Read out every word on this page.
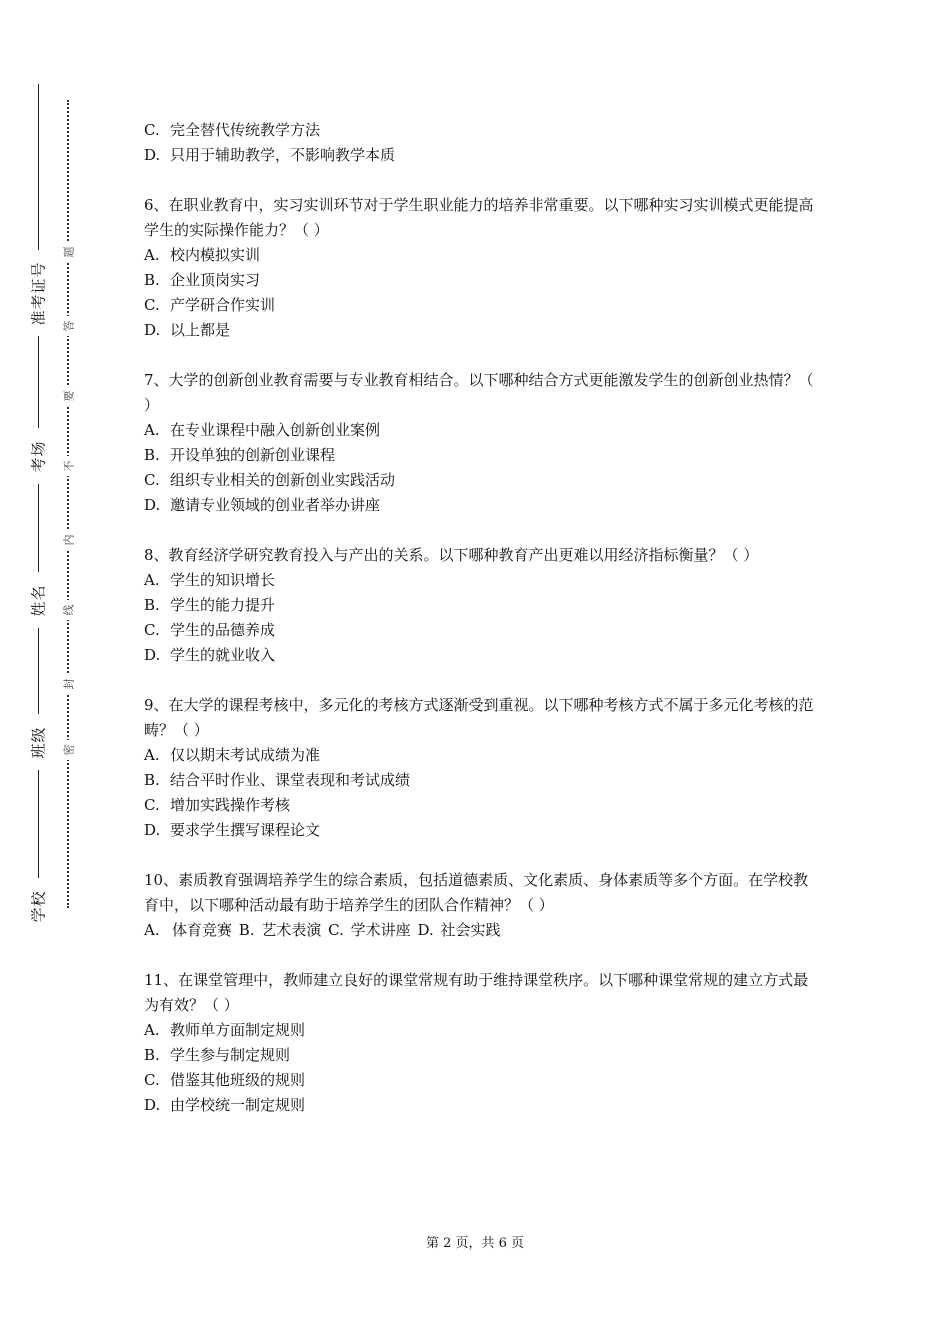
学校
班级
姓名
考场
准考证号
密
封
线
内
不
要
答
题

C. 完全替代传统教学方法

D. 只用于辅助教学，不影响教学本质

6、在职业教育中，实习实训环节对于学生职业能力的培养非常重要。以下哪种实习实训模式更能提高学生的实际操作能力？（ ）

A. 校内模拟实训

B. 企业顶岗实习

C. 产学研合作实训

D. 以上都是

7、大学的创新创业教育需要与专业教育相结合。以下哪种结合方式更能激发学生的创新创业热情？（ ）

A. 在专业课程中融入创新创业案例

B. 开设单独的创新创业课程

C. 组织专业相关的创新创业实践活动

D. 邀请专业领域的创业者举办讲座

8、教育经济学研究教育投入与产出的关系。以下哪种教育产出更难以用经济指标衡量？（ ）

A. 学生的知识增长

B. 学生的能力提升

C. 学生的品德养成

D. 学生的就业收入

9、在大学的课程考核中，多元化的考核方式逐渐受到重视。以下哪种考核方式不属于多元化考核的范畴？（ ）

A. 仅以期末考试成绩为准

B. 结合平时作业、课堂表现和考试成绩

C. 增加实践操作考核

D. 要求学生撰写课程论文

10、素质教育强调培养学生的综合素质，包括道德素质、文化素质、身体素质等多个方面。在学校教育中，以下哪种活动最有助于培养学生的团队合作精神？（ ）

A. 体育竞赛 B. 艺术表演 C. 学术讲座 D. 社会实践

11、在课堂管理中，教师建立良好的课堂常规有助于维持课堂秩序。以下哪种课堂常规的建立方式最为有效？（ ）

A. 教师单方面制定规则

B. 学生参与制定规则

C. 借鉴其他班级的规则

D. 由学校统一制定规则

第 2 页，共 6 页
